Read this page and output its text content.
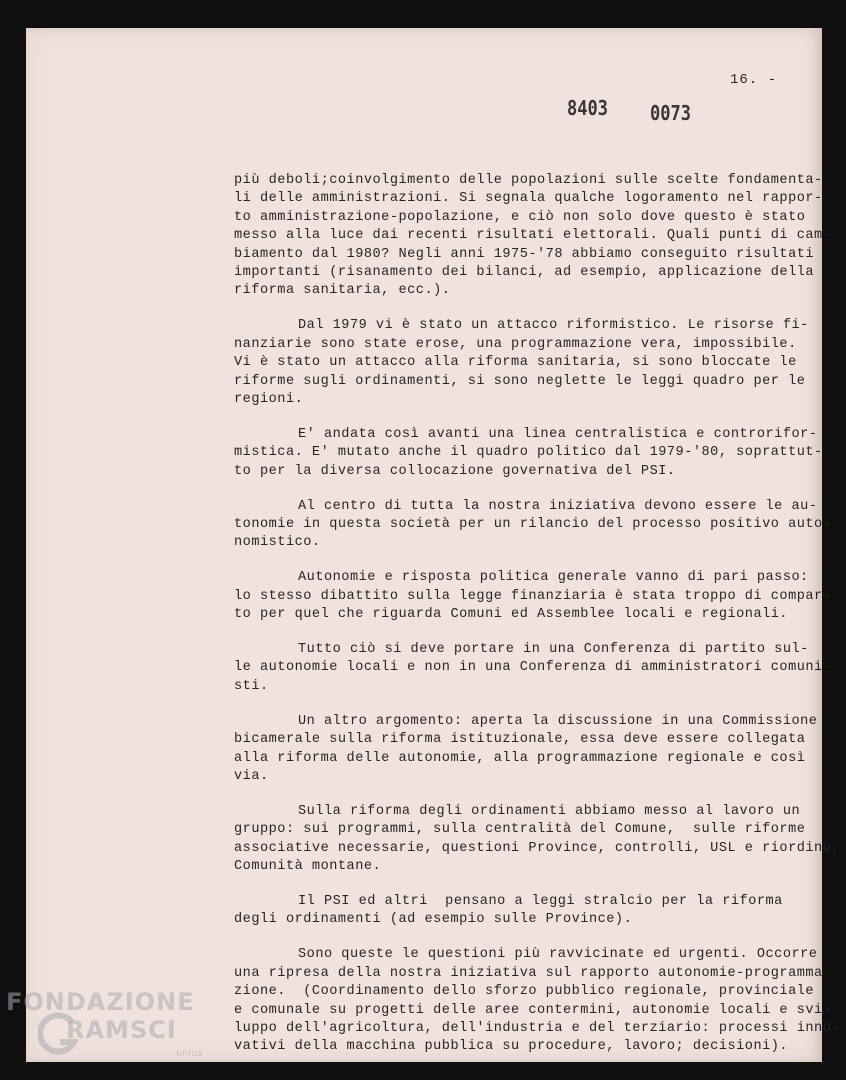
16. -
8403 0073
più deboli;coinvolgimento delle popolazioni sulle scelte fondamenta-
li delle amministrazioni. Si segnala qualche logoramento nel rappor-
to amministrazione-popolazione, e ciò non solo dove questo è stato
messo alla luce dai recenti risultati elettorali. Quali punti di cam-
biamento dal 1980? Negli anni 1975-'78 abbiamo conseguito risultati
importanti (risanamento dei bilanci, ad esempio, applicazione della
riforma sanitaria, ecc.).
Dal 1979 vi è stato un attacco riformistico. Le risorse fi-
nanziarie sono state erose, una programmazione vera, impossibile.
Vi è stato un attacco alla riforma sanitaria, si sono bloccate le
riforme sugli ordinamenti, si sono neglette le leggi quadro per le
regioni.
E' andata così avanti una linea centralistica e controrifor-
mistica. E' mutato anche il quadro politico dal 1979-'80, soprattut-
to per la diversa collocazione governativa del PSI.
Al centro di tutta la nostra iniziativa devono essere le au-
tonomie in questa società per un rilancio del processo positivo auto-
nomistico.
Autonomie e risposta politica generale vanno di pari passo:
lo stesso dibattito sulla legge finanziaria è stata troppo di compar-
to per quel che riguarda Comuni ed Assemblee locali e regionali.
Tutto ciò si deve portare in una Conferenza di partito sul-
le autonomie locali e non in una Conferenza di amministratori comuni-
sti.
Un altro argomento: aperta la discussione in una Commissione
bicamerale sulla riforma istituzionale, essa deve essere collegata
alla riforma delle autonomie, alla programmazione regionale e così
via.
Sulla riforma degli ordinamenti abbiamo messo al lavoro un
gruppo: sui programmi, sulla centralità del Comune,  sulle riforme
associative necessarie, questioni Province, controlli, USL e riordino,
Comunità montane.
Il PSI ed altri  pensano a leggi stralcio per la riforma
degli ordinamenti (ad esempio sulle Province).
Sono queste le questioni più ravvicinate ed urgenti. Occorre
una ripresa della nostra iniziativa sul rapporto autonomie-programma
zione.  (Coordinamento dello sforzo pubblico regionale, provinciale
e comunale su progetti delle aree contermini, autonomie locali e svi-
luppo dell'agricoltura, dell'industria e del terziario: processi inno-
vativi della macchina pubblica su procedure, lavoro; decisioni).
FONDAZIONE
RAMSCI
onlus
